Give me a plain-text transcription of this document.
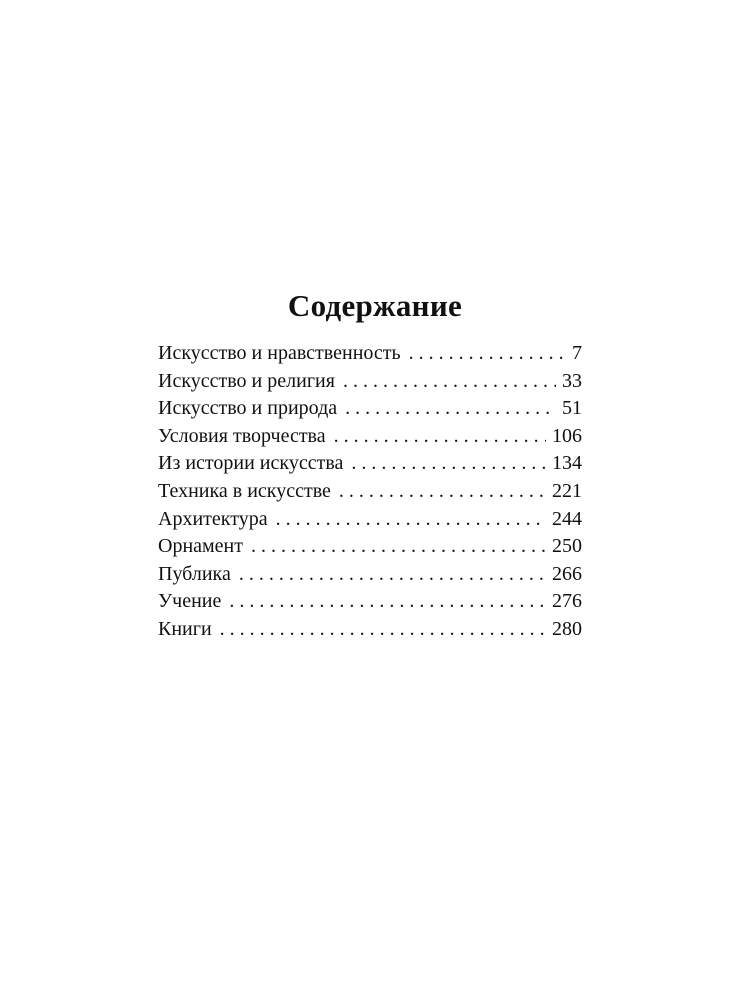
Содержание
Искусство и нравственность . . .	7
Искусство и религия . . .	33
Искусство и природа . . .	51
Условия творчества . . .	106
Из истории искусства . . .	134
Техника в искусстве . . .	221
Архитектура . . .	244
Орнамент . . .	250
Публика . . .	266
Учение . . .	276
Книги . . .	280
